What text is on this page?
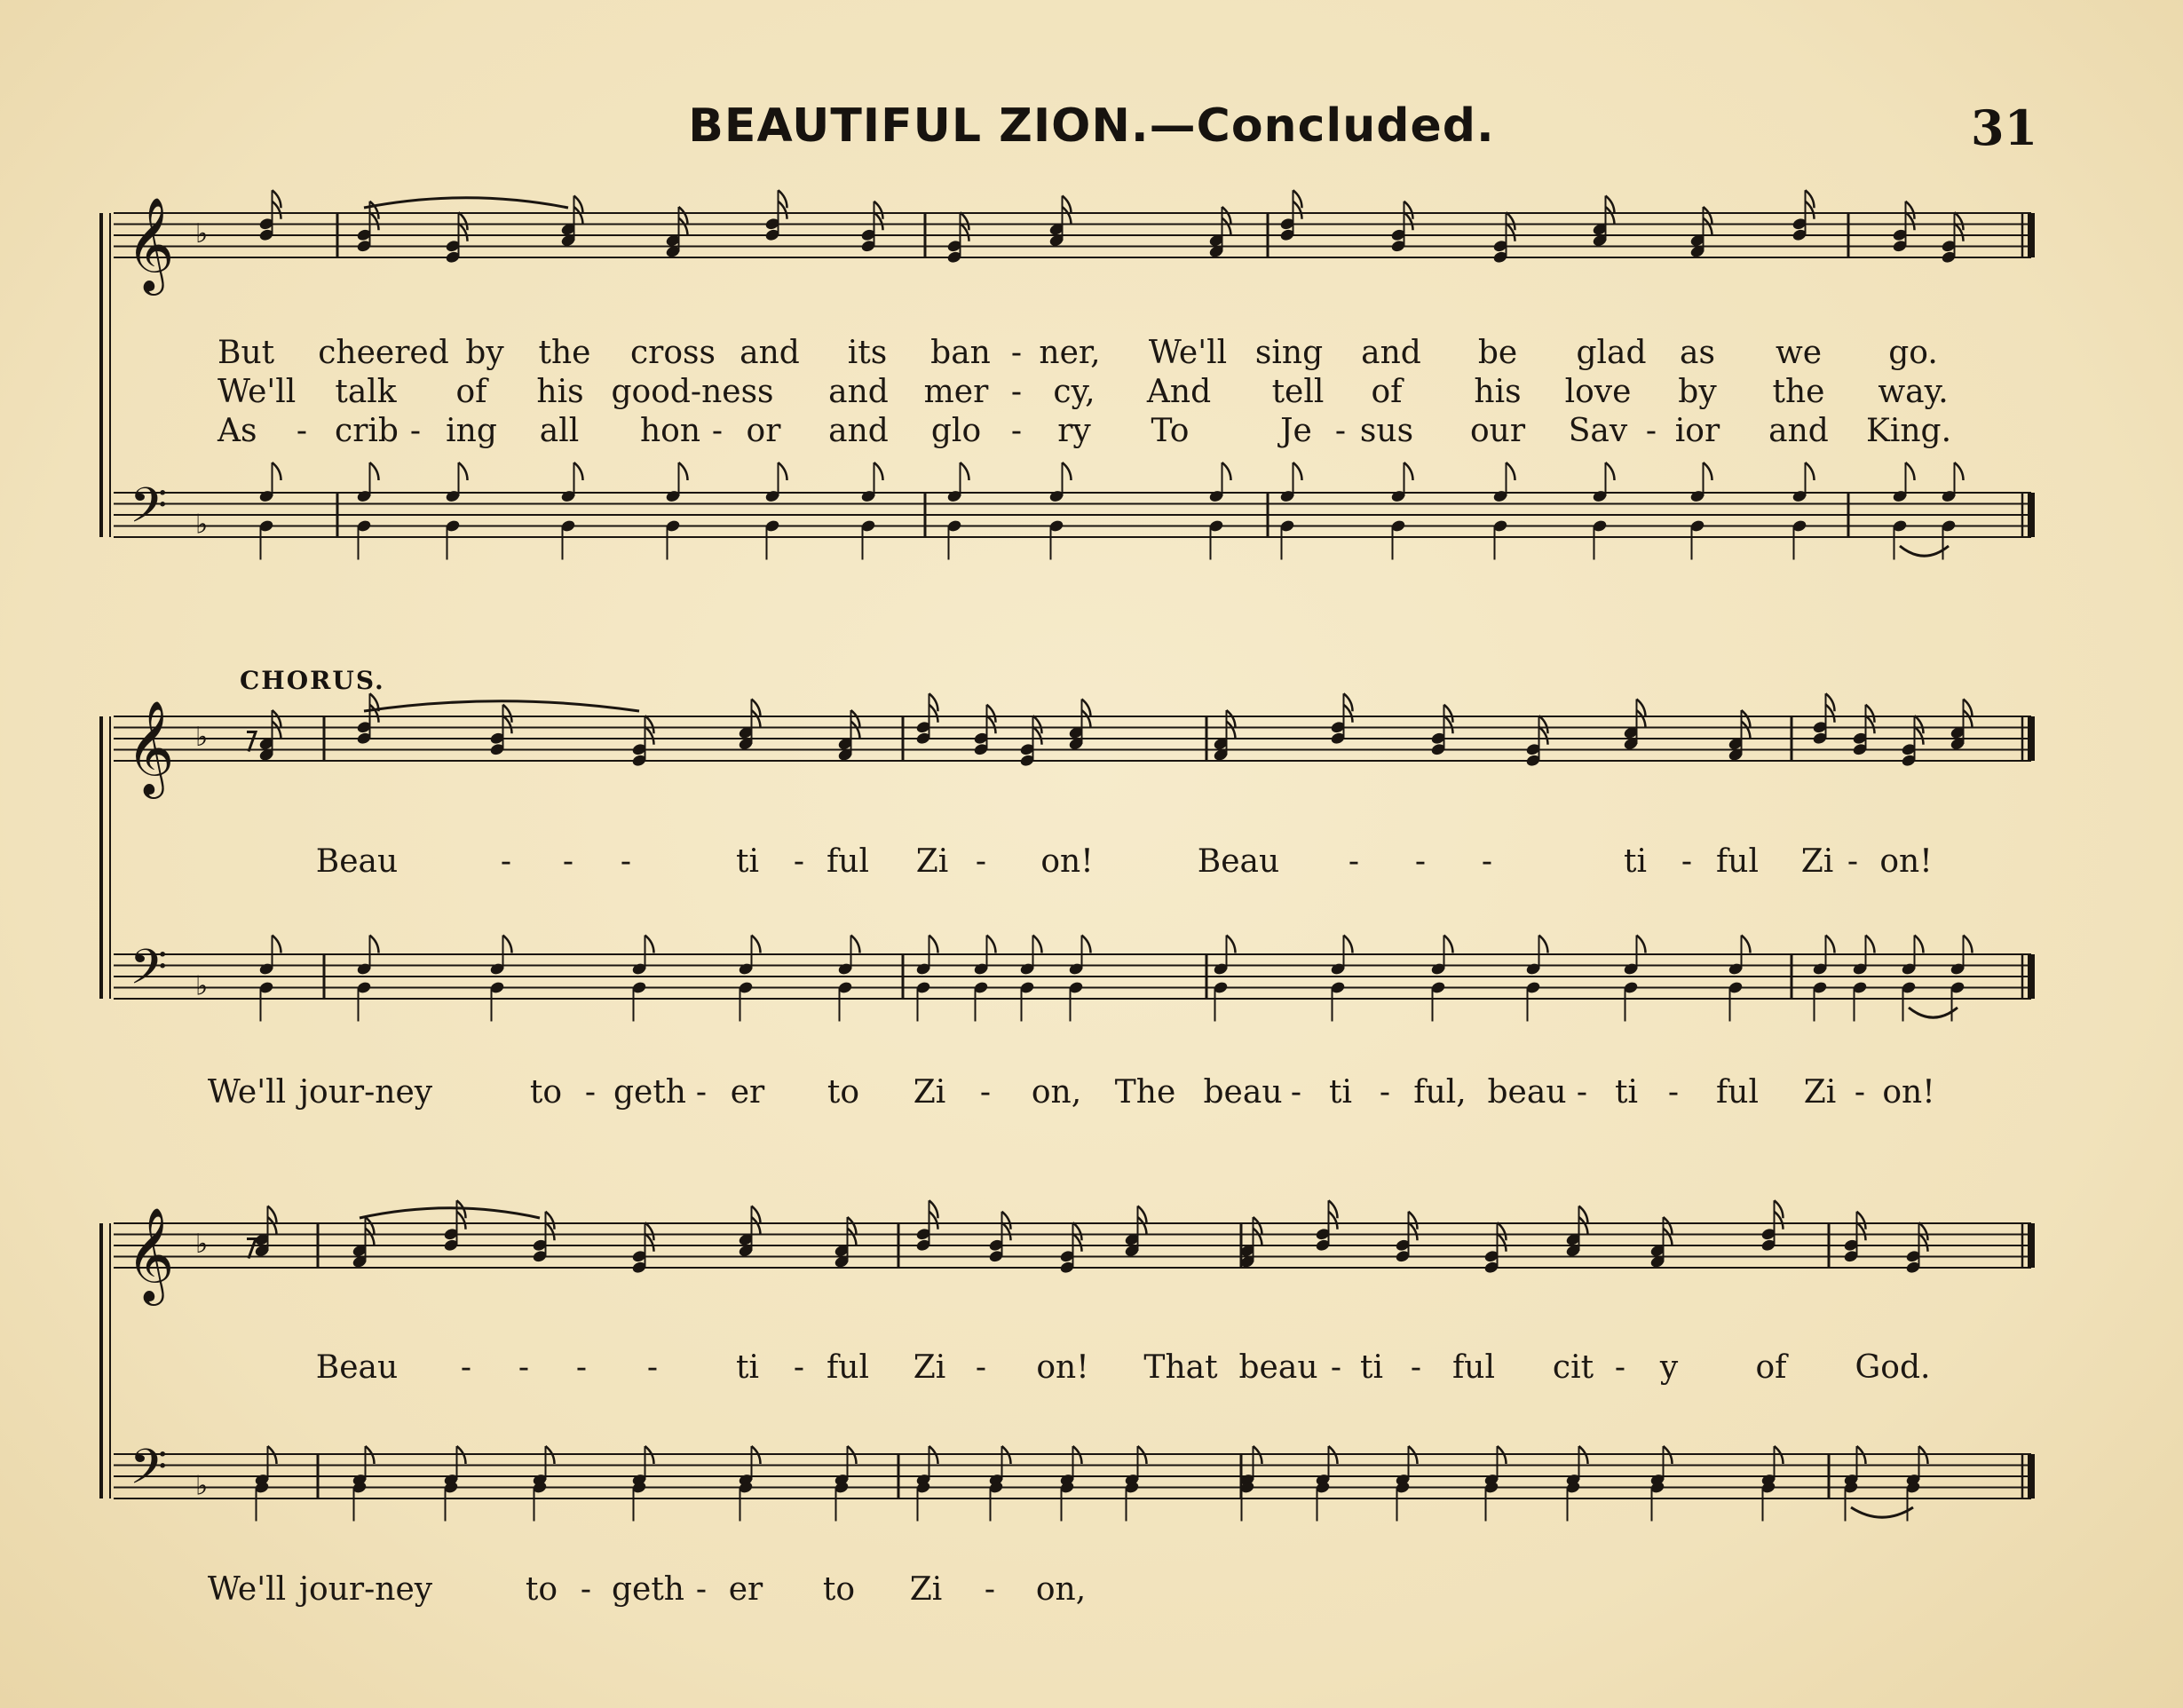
BEAUTIFUL ZION.—Concluded.	31
CHORUS.
𝄞
𝄢
♭
♭
𝄞
𝄢
♭
♭
𝄞
𝄢
♭
♭
But cheered by the cross and its ban - ner, We'll sing and be glad as we go.
We'll talk of his good-ness and mer - cy, And tell of his love by the way.
As - crib - ing all hon - or and glo - ry To	Je - sus our Sav - ior and King.
Beau	- - -	ti - ful Zi - on!	Beau - - -	ti - ful Zi - on!
We'll jour-ney	to - geth - er to Zi - on, The beau - ti - ful, beau - ti - ful Zi - on!
Beau - - - - ti - ful Zi - on! That beau - ti - ful cit - y of God.
We'll jour-ney	to - geth - er to Zi - on,
